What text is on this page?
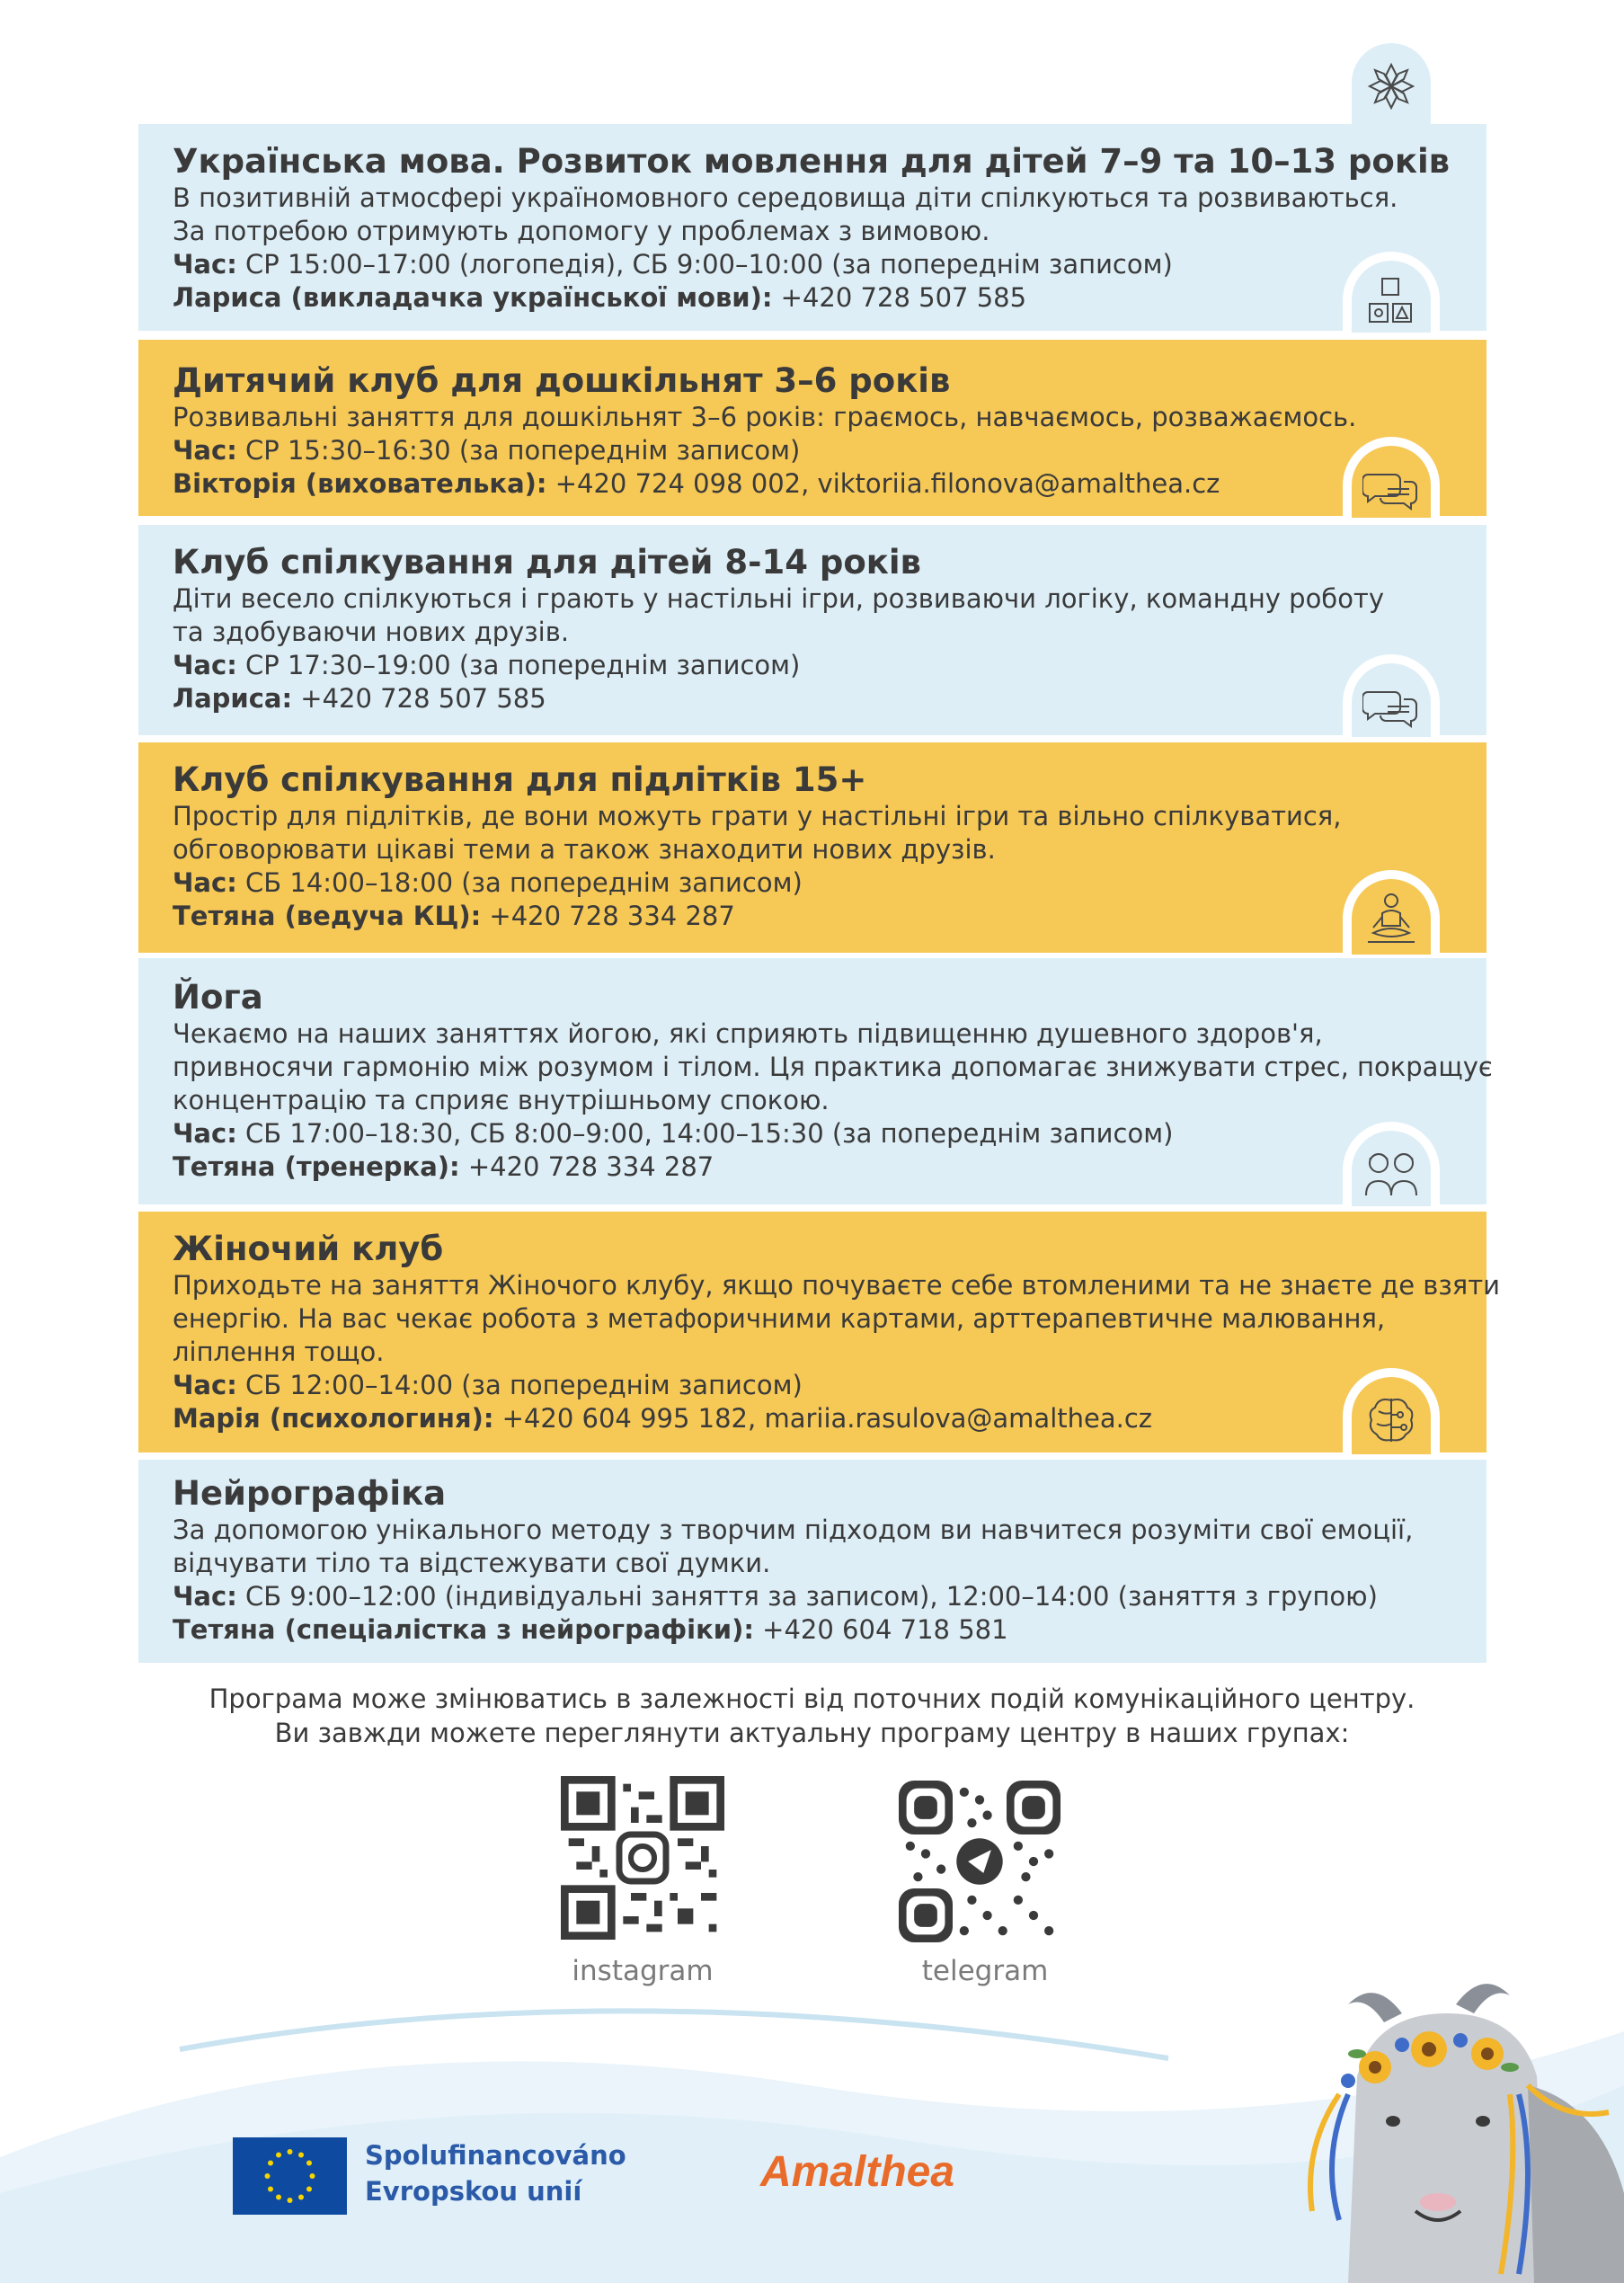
Українська мова. Розвиток мовлення для дітей 7–9 та 10–13 років

В позитивній атмосфері україномовного середовища діти спілкуються та розвиваються.

За потребою отримують допомогу у проблемах з вимовою.

Час: СР 15:00–17:00 (логопедія), СБ 9:00–10:00 (за попереднім записом)

Лариса (викладачка української мови): +420 728 507 585

Дитячий клуб для дошкільнят 3–6 років

Розвивальні заняття для дошкільнят 3–6 років: граємось, навчаємось, розважаємось.

Час: СР 15:30–16:30 (за попереднім записом)

Вікторія (вихователька): +420 724 098 002, viktoriia.filonova@amalthea.cz

Клуб спілкування для дітей 8-14 років

Діти весело спілкуються і грають у настільні ігри, розвиваючи логіку, командну роботу

та здобуваючи нових друзів.

Час: СР 17:30–19:00 (за попереднім записом)

Лариса: +420 728 507 585

Клуб спілкування для підлітків 15+

Простір для підлітків, де вони можуть грати у настільні ігри та вільно спілкуватися,

обговорювати цікаві теми а також знаходити нових друзів.

Час: СБ 14:00–18:00 (за попереднім записом)

Тетяна (ведуча КЦ): +420 728 334 287

Йога

Чекаємо на наших заняттях йогою, які сприяють підвищенню душевного здоров'я,

привносячи гармонію між розумом і тілом. Ця практика допомагає знижувати стрес, покращує

концентрацію та сприяє внутрішньому спокою.

Час: СБ 17:00–18:30, СБ 8:00–9:00, 14:00–15:30 (за попереднім записом)

Тетяна (тренерка): +420 728 334 287

Жіночий клуб

Приходьте на заняття Жіночого клубу, якщо почуваєте себе втомленими та не знаєте де взяти

енергію. На вас чекає робота з метафоричними картами, арттерапевтичне малювання,

ліплення тощо.

Час: СБ 12:00–14:00 (за попереднім записом)

Марія (психологиня): +420 604 995 182, mariia.rasulova@amalthea.cz

Нейрографіка

За допомогою унікального методу з творчим підходом ви навчитеся розуміти свої емоції,

відчувати тіло та відстежувати свої думки.

Час: СБ 9:00–12:00 (індивідуальні заняття за записом), 12:00–14:00 (заняття з групою)

Тетяна (спеціалістка з нейрографіки): +420 604 718 581

Програма може змінюватись в залежності від поточних подій комунікаційного центру.
Ви завжди можете переглянути актуальну програму центру в наших групах:
instagram	telegram
Spolufinancováno
Evropskou unií	Amalthea
